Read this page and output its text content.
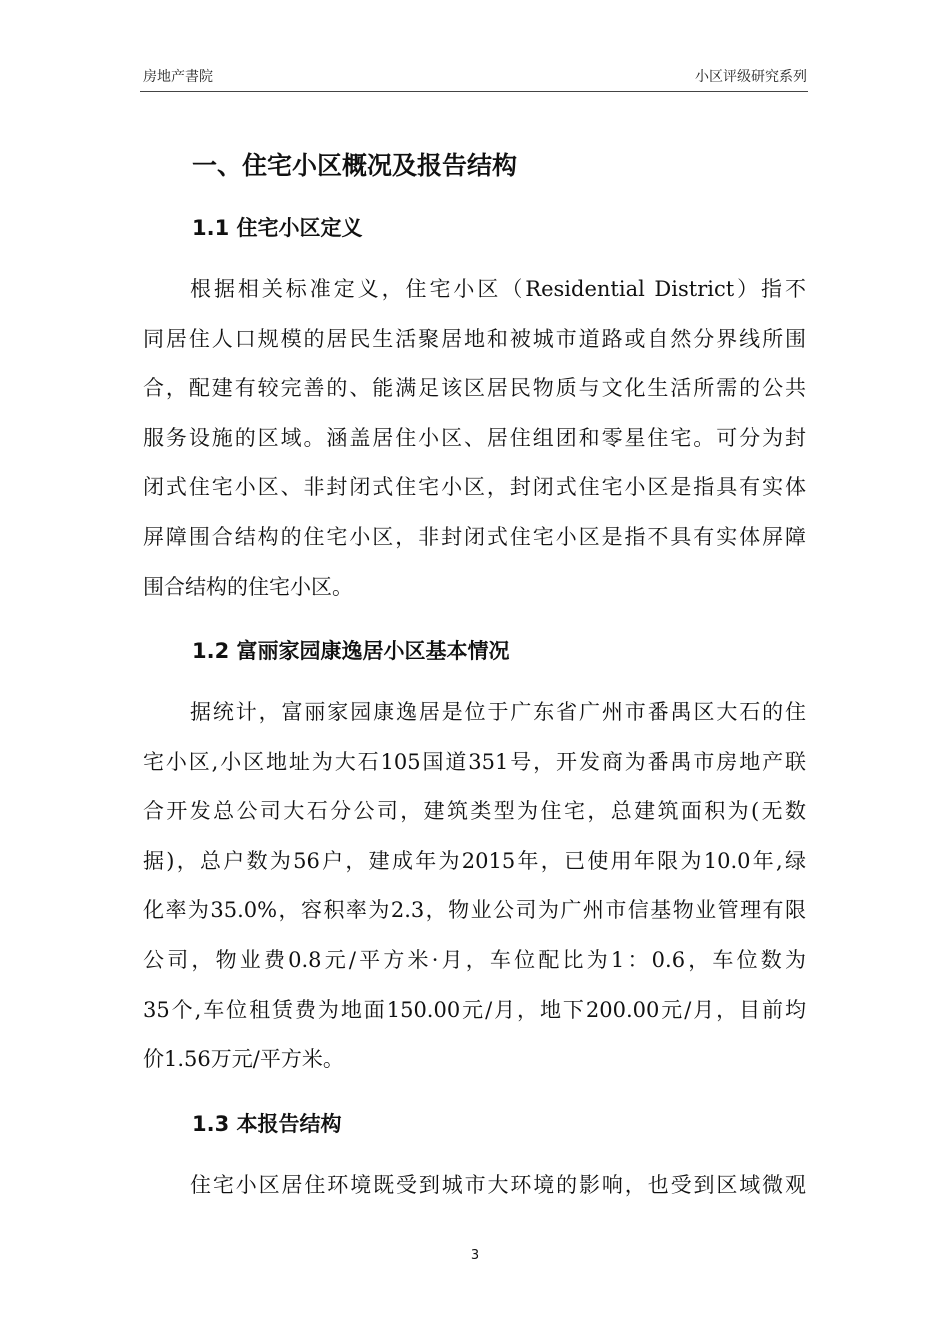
房地产書院	小区评级研究系列
一、住宅小区概况及报告结构
1.1 住宅小区定义
根据相关标准定义，住宅小区（Residential District）指不
同居住人口规模的居民生活聚居地和被城市道路或自然分界线所围
合，配建有较完善的、能满足该区居民物质与文化生活所需的公共
服务设施的区域。涵盖居住小区、居住组团和零星住宅。可分为封
闭式住宅小区、非封闭式住宅小区，封闭式住宅小区是指具有实体
屏障围合结构的住宅小区，非封闭式住宅小区是指不具有实体屏障
围合结构的住宅小区。
1.2 富丽家园康逸居小区基本情况
据统计，富丽家园康逸居是位于广东省广州市番禺区大石的住
宅小区,小区地址为大石105国道351号，开发商为番禺市房地产联
合开发总公司大石分公司，建筑类型为住宅，总建筑面积为(无数
据)，总户数为56户，建成年为2015年，已使用年限为10.0年,绿
化率为35.0%，容积率为2.3，物业公司为广州市信基物业管理有限
公司，物业费0.8元/平方米·月，车位配比为1：0.6，车位数为
35个,车位租赁费为地面150.00元/月，地下200.00元/月，目前均
价1.56万元/平方米。
1.3 本报告结构
住宅小区居住环境既受到城市大环境的影响，也受到区域微观
3
